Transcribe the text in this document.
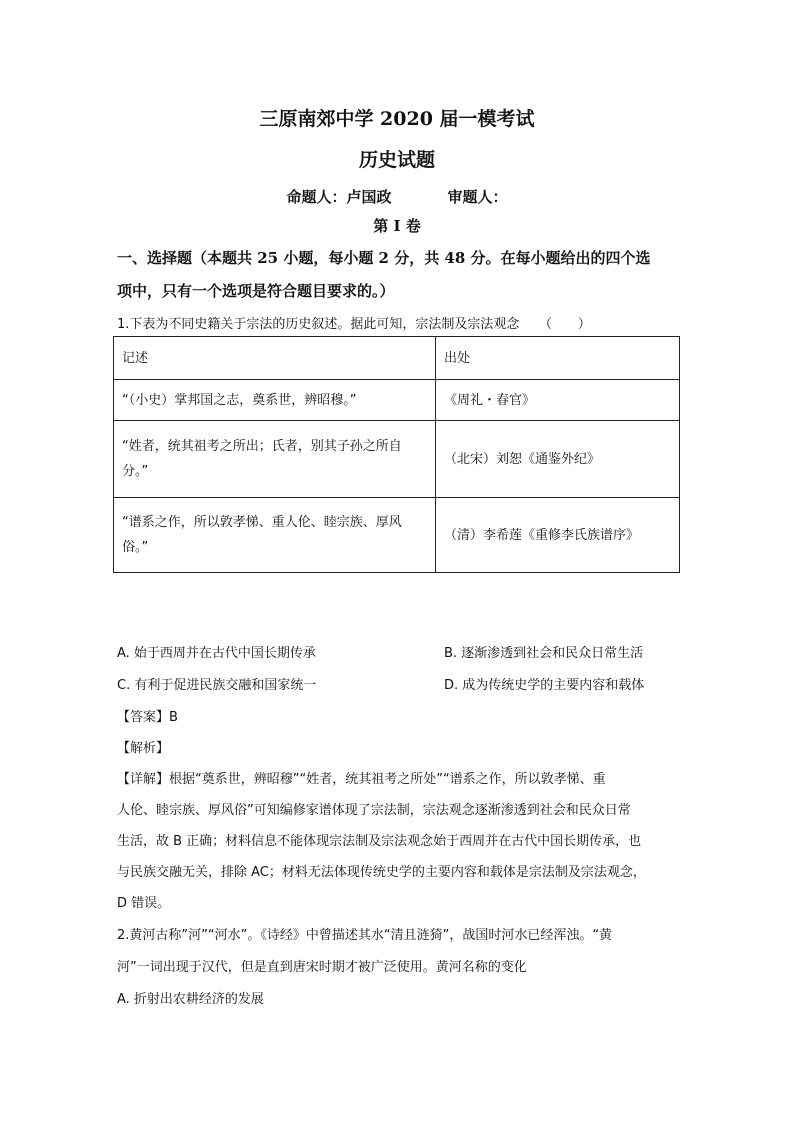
三原南郊中学 2020 届一模考试
历史试题
命题人：卢国政	审题人：
第 I 卷
一、选择题（本题共 25 小题，每小题 2 分，共 48 分。在每小题给出的四个选
项中，只有一个选项是符合题目要求的。）
1.下表为不同史籍关于宗法的历史叙述。据此可知，宗法制及宗法观念　　（　　）
记述	出处
“（小史）掌邦国之志，奠系世，辨昭穆。”	《周礼・春官》
“姓者，统其祖考之所出；氏者，别其子孙之所自分。”	（北宋）刘恕《通鉴外纪》
“谱系之作，所以敦孝悌、重人伦、睦宗族、厚风俗。”	（清）李希莲《重修李氏族谱序》
A. 始于西周并在古代中国长期传承	B. 逐渐渗透到社会和民众日常生活
C. 有利于促进民族交融和国家统一	D. 成为传统史学的主要内容和载体
【答案】B
【解析】
【详解】根据“奠系世，辨昭穆”“姓者，统其祖考之所处”“谱系之作，所以敦孝悌、重
人伦、睦宗族、厚风俗”可知编修家谱体现了宗法制，宗法观念逐渐渗透到社会和民众日常
生活，故 B 正确；材料信息不能体现宗法制及宗法观念始于西周并在古代中国长期传承，也
与民族交融无关，排除 AC；材料无法体现传统史学的主要内容和载体是宗法制及宗法观念，
D 错误。
2.黄河古称”河”“河水”。《诗经》中曾描述其水“清且涟猗”，战国时河水已经浑浊。“黄
河”一词出现于汉代，但是直到唐宋时期才被广泛使用。黄河名称的变化
A. 折射出农耕经济的发展
